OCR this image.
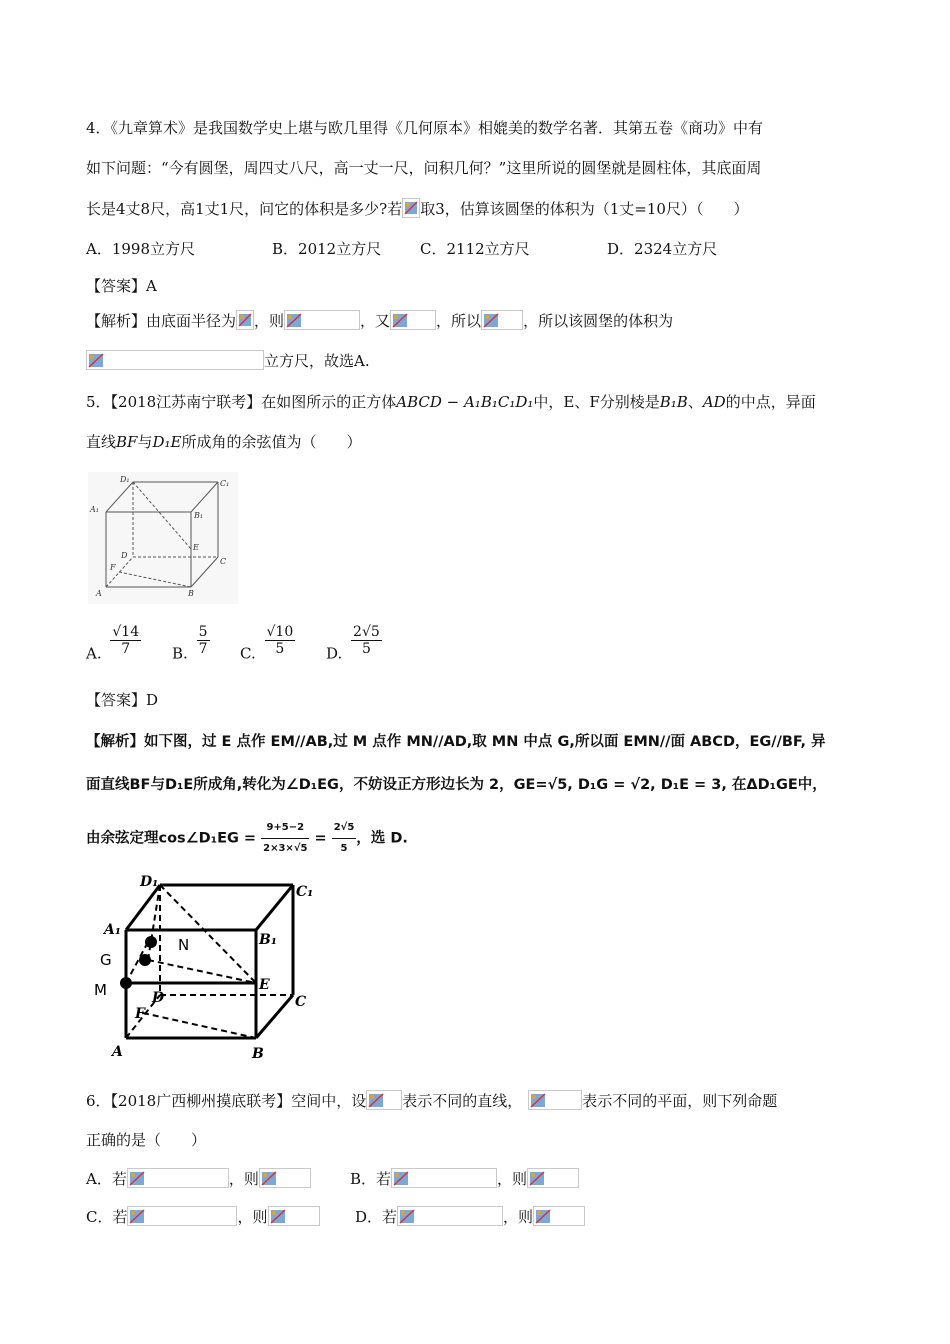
4．《九章算术》是我国数学史上堪与欧几里得《几何原本》相媲美的数学名著．其第五卷《商功》中有
如下问题：“今有圆堡，周四丈八尺，高一丈一尺，问积几何？”这里所说的圆堡就是圆柱体，其底面周
长是4丈8尺，高1丈1尺，问它的体积是多少?若 取3，估算该圆堡的体积为（1丈=10尺）（　　）
A．1998立方尺	B．2012立方尺	C．2112立方尺	D．2324立方尺
【答案】A
【解析】由底面半径为 ，则	，又	，所以	，所以该圆堡的体积为
立方尺，故选A.
5．【2018江苏南宁联考】在如图所示的正方体ABCD − A₁B₁C₁D₁中，E、F分别棱是B₁B、AD的中点，异面
直线BF与D₁E所成角的余弦值为（　　）
D₁	C₁
A₁
B₁
E
D
C
F
A	B
A. $\frac{√14}{7} B$. $\frac{5}{7} C$. $\frac{√10}{5} D$. $\frac{2√5}{5}$
【答案】D
【解析】如下图，过 E 点作 EM//AB,过 M 点作 MN//AD,取 MN 中点 G,所以面 EMN//面 ABCD，EG//BF, 异
面直线BF与D₁E所成角,转化为∠D₁EG，不妨设正方形边长为 2，GE=√5, D₁G = √2, D₁E = 3, 在ΔD₁GE中，
由余弦定理cos∠D₁EG = $\frac{9+5-2}{2\times 3\times√5} = \frac{2√5}{5}$ ，选 D.
D₁
C₁
A₁
B₁
E
D	C
F
A	B
N
G
M
6．【2018广西柳州摸底联考】空间中，设 表示不同的直线，	表示不同的平面，则下列命题
正确的是（　　）
A．若	，则	B．若	，则
C．若	，则	D．若	，则
